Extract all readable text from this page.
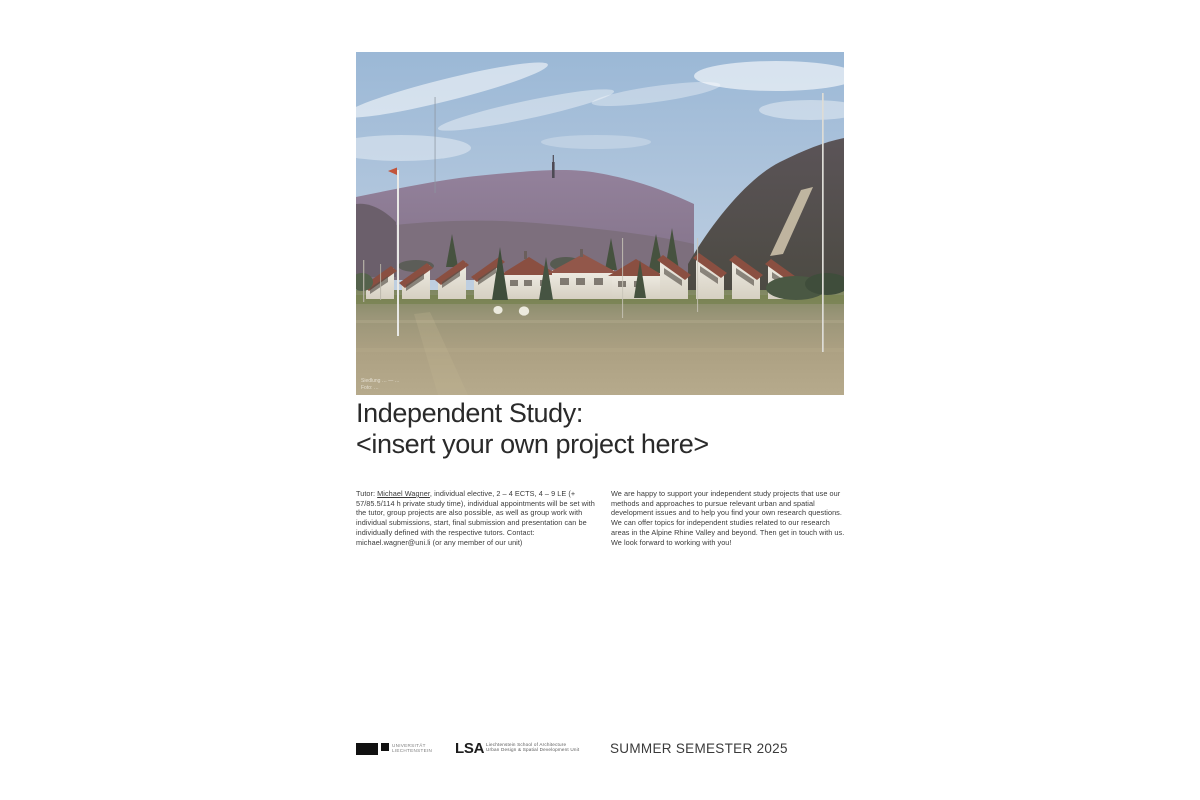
Siedlung … — …
Foto: …
Independent Study:
<insert your own project here>

Tutor: Michael Wagner, individual elective, 2 – 4 ECTS, 4 – 9 LE (+ 57/85.5/114 h private study time), individual appointments will be set with the tutor, group projects are also possible, as well as group work with individual submissions, start, final submission and presentation can be individually defined with the respective tutors. Contact: michael.wagner@uni.li (or any member of our unit)

We are happy to support your independent study projects that use our methods and approaches to pursue relevant urban and spatial development issues and to help you find your own research questions. We can offer topics for independent studies related to our research areas in the Alpine Rhine Valley and beyond. Then get in touch with us. We look forward to working with you!

UNIVERSITÄT
LIECHTENSTEIN LSA Liechtenstein School of Architecture
Urban Design & Spatial Development Unit SUMMER SEMESTER 2025
